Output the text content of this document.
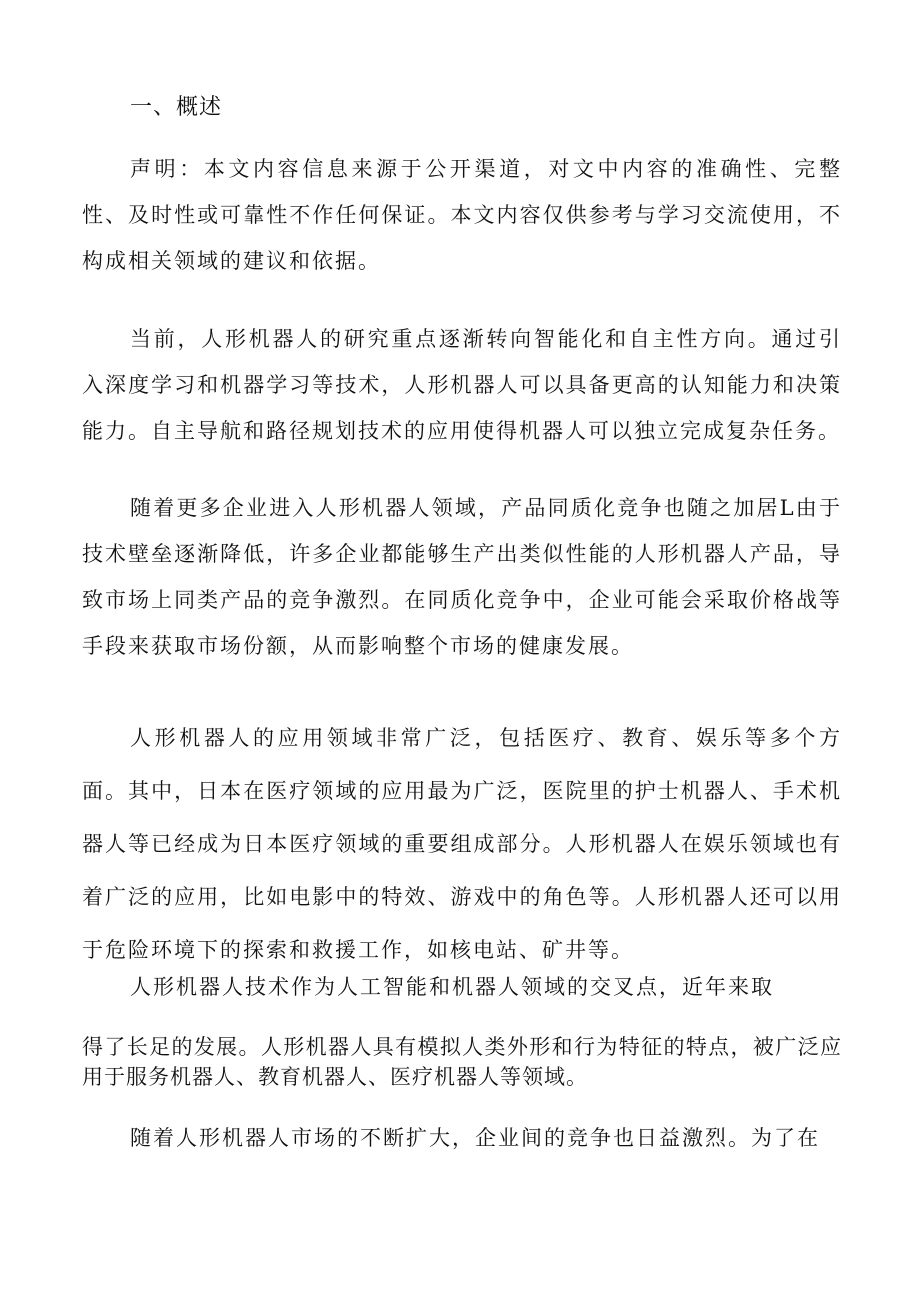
一、概述

声明：本文内容信息来源于公开渠道，对文中内容的准确性、完整性、及时性或可靠性不作任何保证。本文内容仅供参考与学习交流使用，不构成相关领域的建议和依据。

当前，人形机器人的研究重点逐渐转向智能化和自主性方向。通过引入深度学习和机器学习等技术，人形机器人可以具备更高的认知能力和决策能力。自主导航和路径规划技术的应用使得机器人可以独立完成复杂任务。

随着更多企业进入人形机器人领域，产品同质化竞争也随之加居L由于技术壁垒逐渐降低，许多企业都能够生产出类似性能的人形机器人产品，导致市场上同类产品的竞争激烈。在同质化竞争中，企业可能会采取价格战等手段来获取市场份额，从而影响整个市场的健康发展。

人形机器人的应用领域非常广泛，包括医疗、教育、娱乐等多个方面。其中，日本在医疗领域的应用最为广泛，医院里的护士机器人、手术机器人等已经成为日本医疗领域的重要组成部分。人形机器人在娱乐领域也有着广泛的应用，比如电影中的特效、游戏中的角色等。人形机器人还可以用于危险环境下的探索和救援工作，如核电站、矿井等。

人形机器人技术作为人工智能和机器人领域的交叉点，近年来取

得了长足的发展。人形机器人具有模拟人类外形和行为特征的特点，被广泛应用于服务机器人、教育机器人、医疗机器人等领域。

随着人形机器人市场的不断扩大，企业间的竞争也日益激烈。为了在
